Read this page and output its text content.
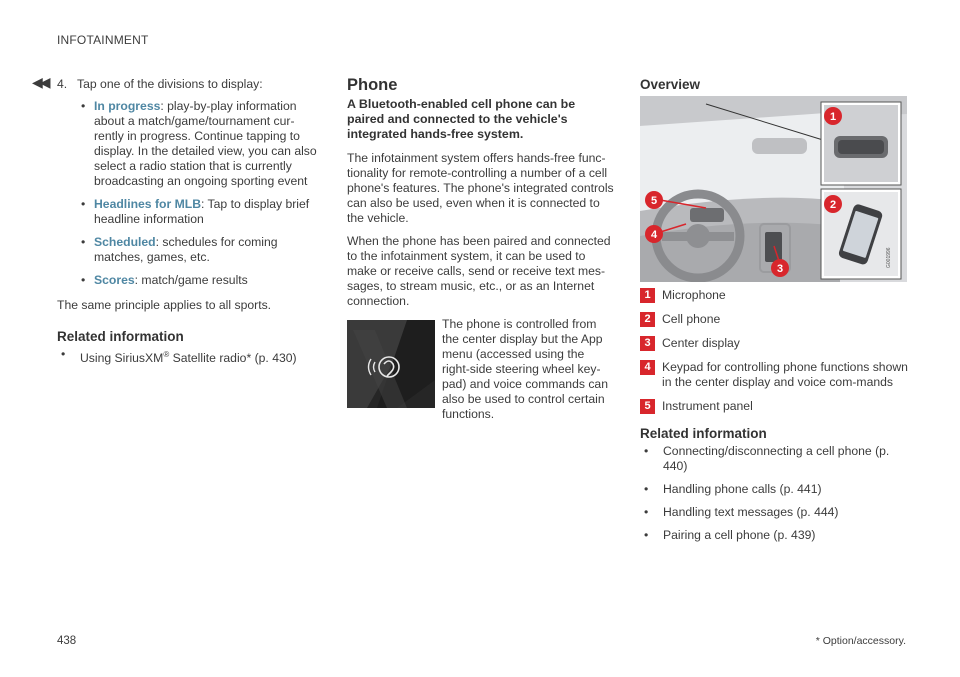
INFOTAINMENT
◀◀ 4. Tap one of the divisions to display:
• In progress: play-by-play information about a match/game/tournament cur-rently in progress. Continue tapping to display. In the detailed view, you can also select a radio station that is currently broadcasting an ongoing sporting event
• Headlines for MLB: Tap to display brief headline information
• Scheduled: schedules for coming matches, games, etc.
• Scores: match/game results

The same principle applies to all sports.

Related information
• Using SiriusXM® Satellite radio* (p. 430)
Phone
A Bluetooth-enabled cell phone can be paired and connected to the vehicle's integrated hands-free system.

The infotainment system offers hands-free func-tionality for remote-controlling a number of a cell phone's features. The phone's integrated controls can also be used, even when it is connected to the vehicle.

When the phone has been paired and connected to the infotainment system, it can be used to make or receive calls, send or receive text mes-sages, to stream music, etc., or as an Internet connection.

The phone is controlled from the center display but the App menu (accessed using the right-side steering wheel key-pad) and voice commands can also be used to control certain functions.
Overview
G001996
1
2
3
4
5
1 Microphone
2 Cell phone
3 Center display
4 Keypad for controlling phone functions shown in the center display and voice com-mands
5 Instrument panel
Related information
• Connecting/disconnecting a cell phone (p. 440)
• Handling phone calls (p. 441)
• Handling text messages (p. 444)
• Pairing a cell phone (p. 439)
* Option/accessory.
438
